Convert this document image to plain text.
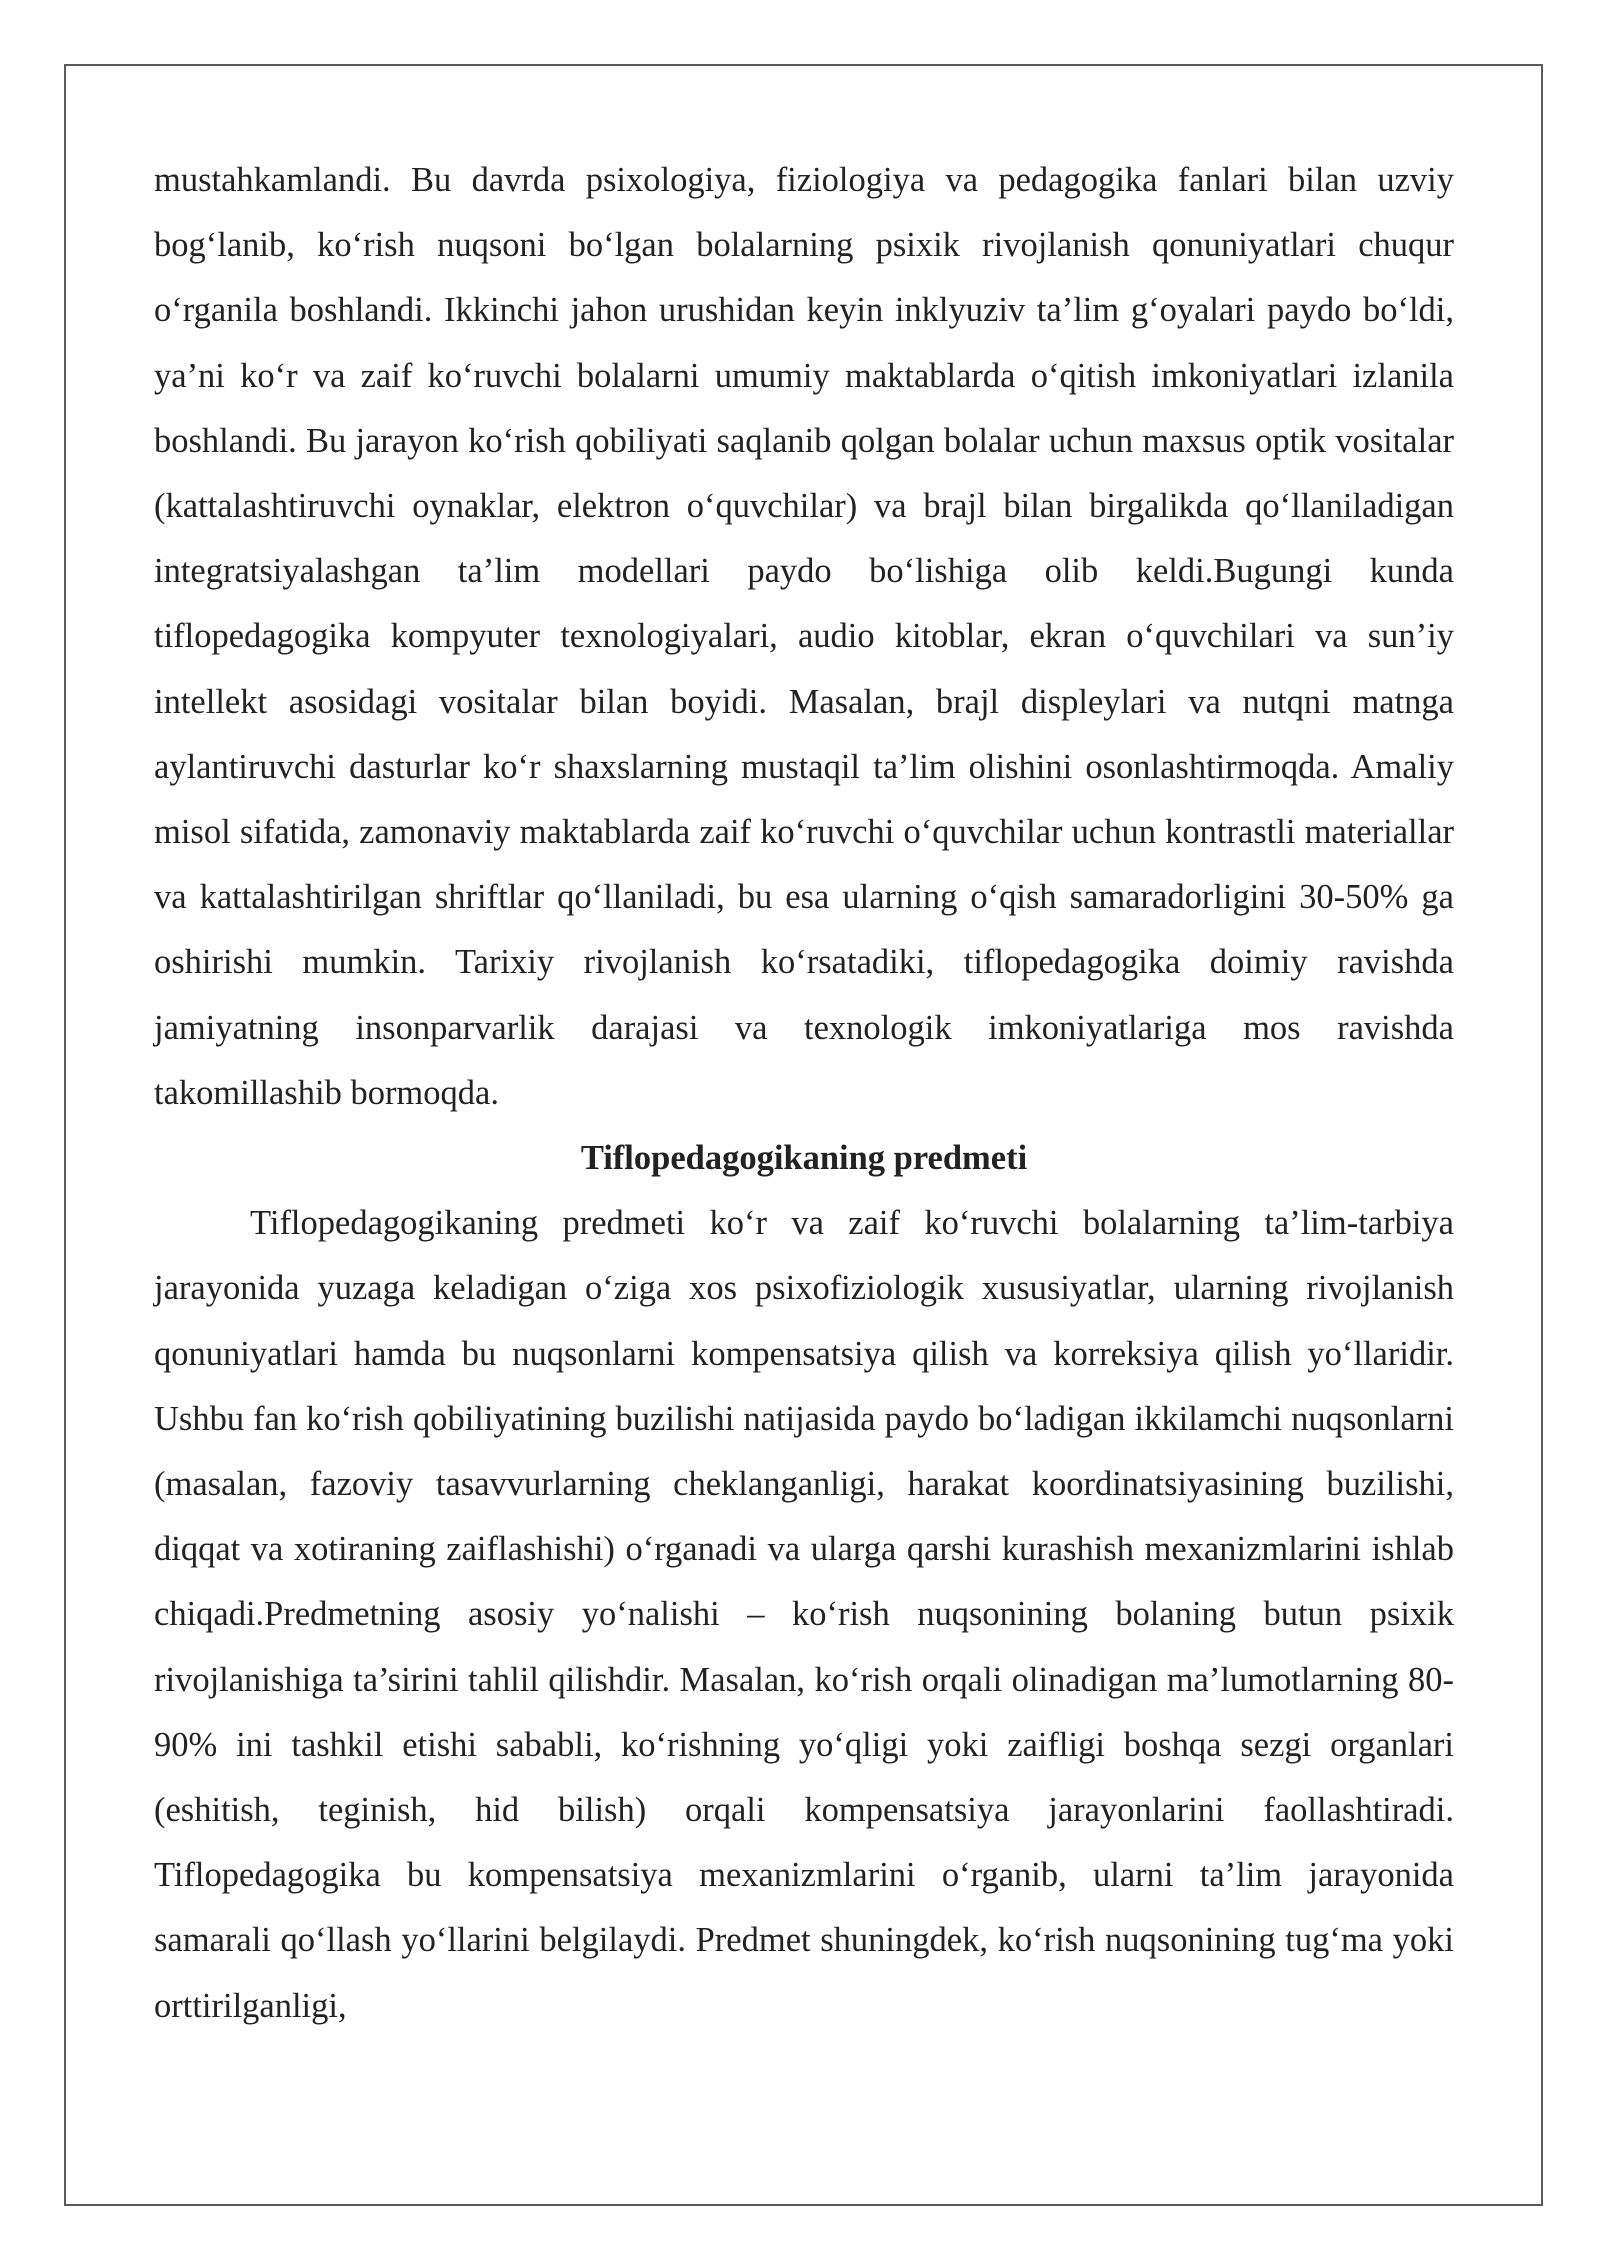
mustahkamlandi. Bu davrda psixologiya, fiziologiya va pedagogika fanlari bilan uzviy bog‘lanib, ko‘rish nuqsoni bo‘lgan bolalarning psixik rivojlanish qonuniyatlari chuqur o‘rganila boshlandi. Ikkinchi jahon urushidan keyin inklyuziv ta’lim g‘oyalari paydo bo‘ldi, ya’ni ko‘r va zaif ko‘ruvchi bolalarni umumiy maktablarda o‘qitish imkoniyatlari izlanila boshlandi. Bu jarayon ko‘rish qobiliyati saqlanib qolgan bolalar uchun maxsus optik vositalar (kattalashtiruvchi oynaklar, elektron o‘quvchilar) va brajl bilan birgalikda qo‘llaniladigan integratsiyalashgan ta’lim modellari paydo bo‘lishiga olib keldi.Bugungi kunda tiflopedagogika kompyuter texnologiyalari, audio kitoblar, ekran o‘quvchilari va sun’iy intellekt asosidagi vositalar bilan boyidi. Masalan, brajl displeylari va nutqni matnga aylantiruvchi dasturlar ko‘r shaxslarning mustaqil ta’lim olishini osonlashtirmoqda. Amaliy misol sifatida, zamonaviy maktablarda zaif ko‘ruvchi o‘quvchilar uchun kontrastli materiallar va kattalashtirilgan shriftlar qo‘llaniladi, bu esa ularning o‘qish samaradorligini 30-50% ga oshirishi mumkin. Tarixiy rivojlanish ko‘rsatadiki, tiflopedagogika doimiy ravishda jamiyatning insonparvarlik darajasi va texnologik imkoniyatlariga mos ravishda takomillashib bormoqda.

Tiflopedagogikaning predmeti

Tiflopedagogikaning predmeti ko‘r va zaif ko‘ruvchi bolalarning ta’lim-tarbiya jarayonida yuzaga keladigan o‘ziga xos psixofiziologik xususiyatlar, ularning rivojlanish qonuniyatlari hamda bu nuqsonlarni kompensatsiya qilish va korreksiya qilish yo‘llaridir. Ushbu fan ko‘rish qobiliyatining buzilishi natijasida paydo bo‘ladigan ikkilamchi nuqsonlarni (masalan, fazoviy tasavvurlarning cheklanganligi, harakat koordinatsiyasining buzilishi, diqqat va xotiraning zaiflashishi) o‘rganadi va ularga qarshi kurashish mexanizmlarini ishlab chiqadi.Predmetning asosiy yo‘nalishi – ko‘rish nuqsonining bolaning butun psixik rivojlanishiga ta’sirini tahlil qilishdir. Masalan, ko‘rish orqali olinadigan ma’lumotlarning 80-90% ini tashkil etishi sababli, ko‘rishning yo‘qligi yoki zaifligi boshqa sezgi organlari (eshitish, teginish, hid bilish) orqali kompensatsiya jarayonlarini faollashtiradi. Tiflopedagogika bu kompensatsiya mexanizmlarini o‘rganib, ularni ta’lim jarayonida samarali qo‘llash yo‘llarini belgilaydi. Predmet shuningdek, ko‘rish nuqsonining tug‘ma yoki orttirilganligi,
